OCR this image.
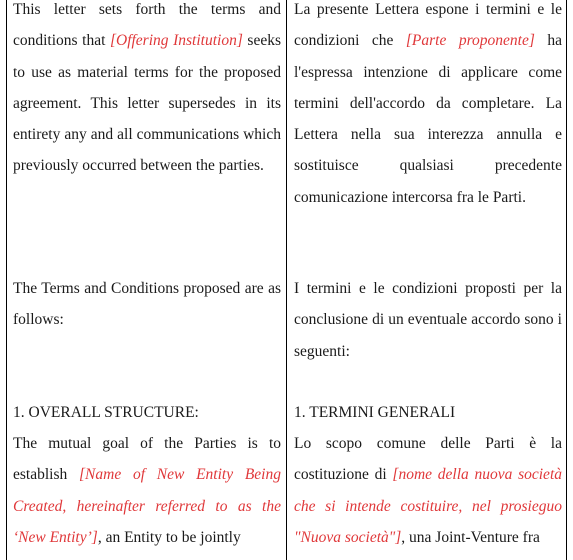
This letter sets forth the terms and conditions that [Offering Institution] seeks to use as material terms for the proposed agreement. This letter supersedes in its entirety any and all communications which previously occurred between the parties.

The Terms and Conditions proposed are as follows:

1. OVERALL STRUCTURE:

The mutual goal of the Parties is to establish [Name of New Entity Being Created, hereinafter referred to as the ‘New Entity’], an Entity to be jointly

La presente Lettera espone i termini e le condizioni che [Parte proponente] ha l'espressa intenzione di applicare come termini dell'accordo da completare. La Lettera nella sua interezza annulla e sostituisce qualsiasi precedente comunicazione intercorsa fra le Parti.

I termini e le condizioni proposti per la conclusione di un eventuale accordo sono i seguenti:

1. TERMINI GENERALI

Lo scopo comune delle Parti è la costituzione di [nome della nuova società che si intende costituire, nel prosieguo "Nuova società"], una Joint-Venture fra
